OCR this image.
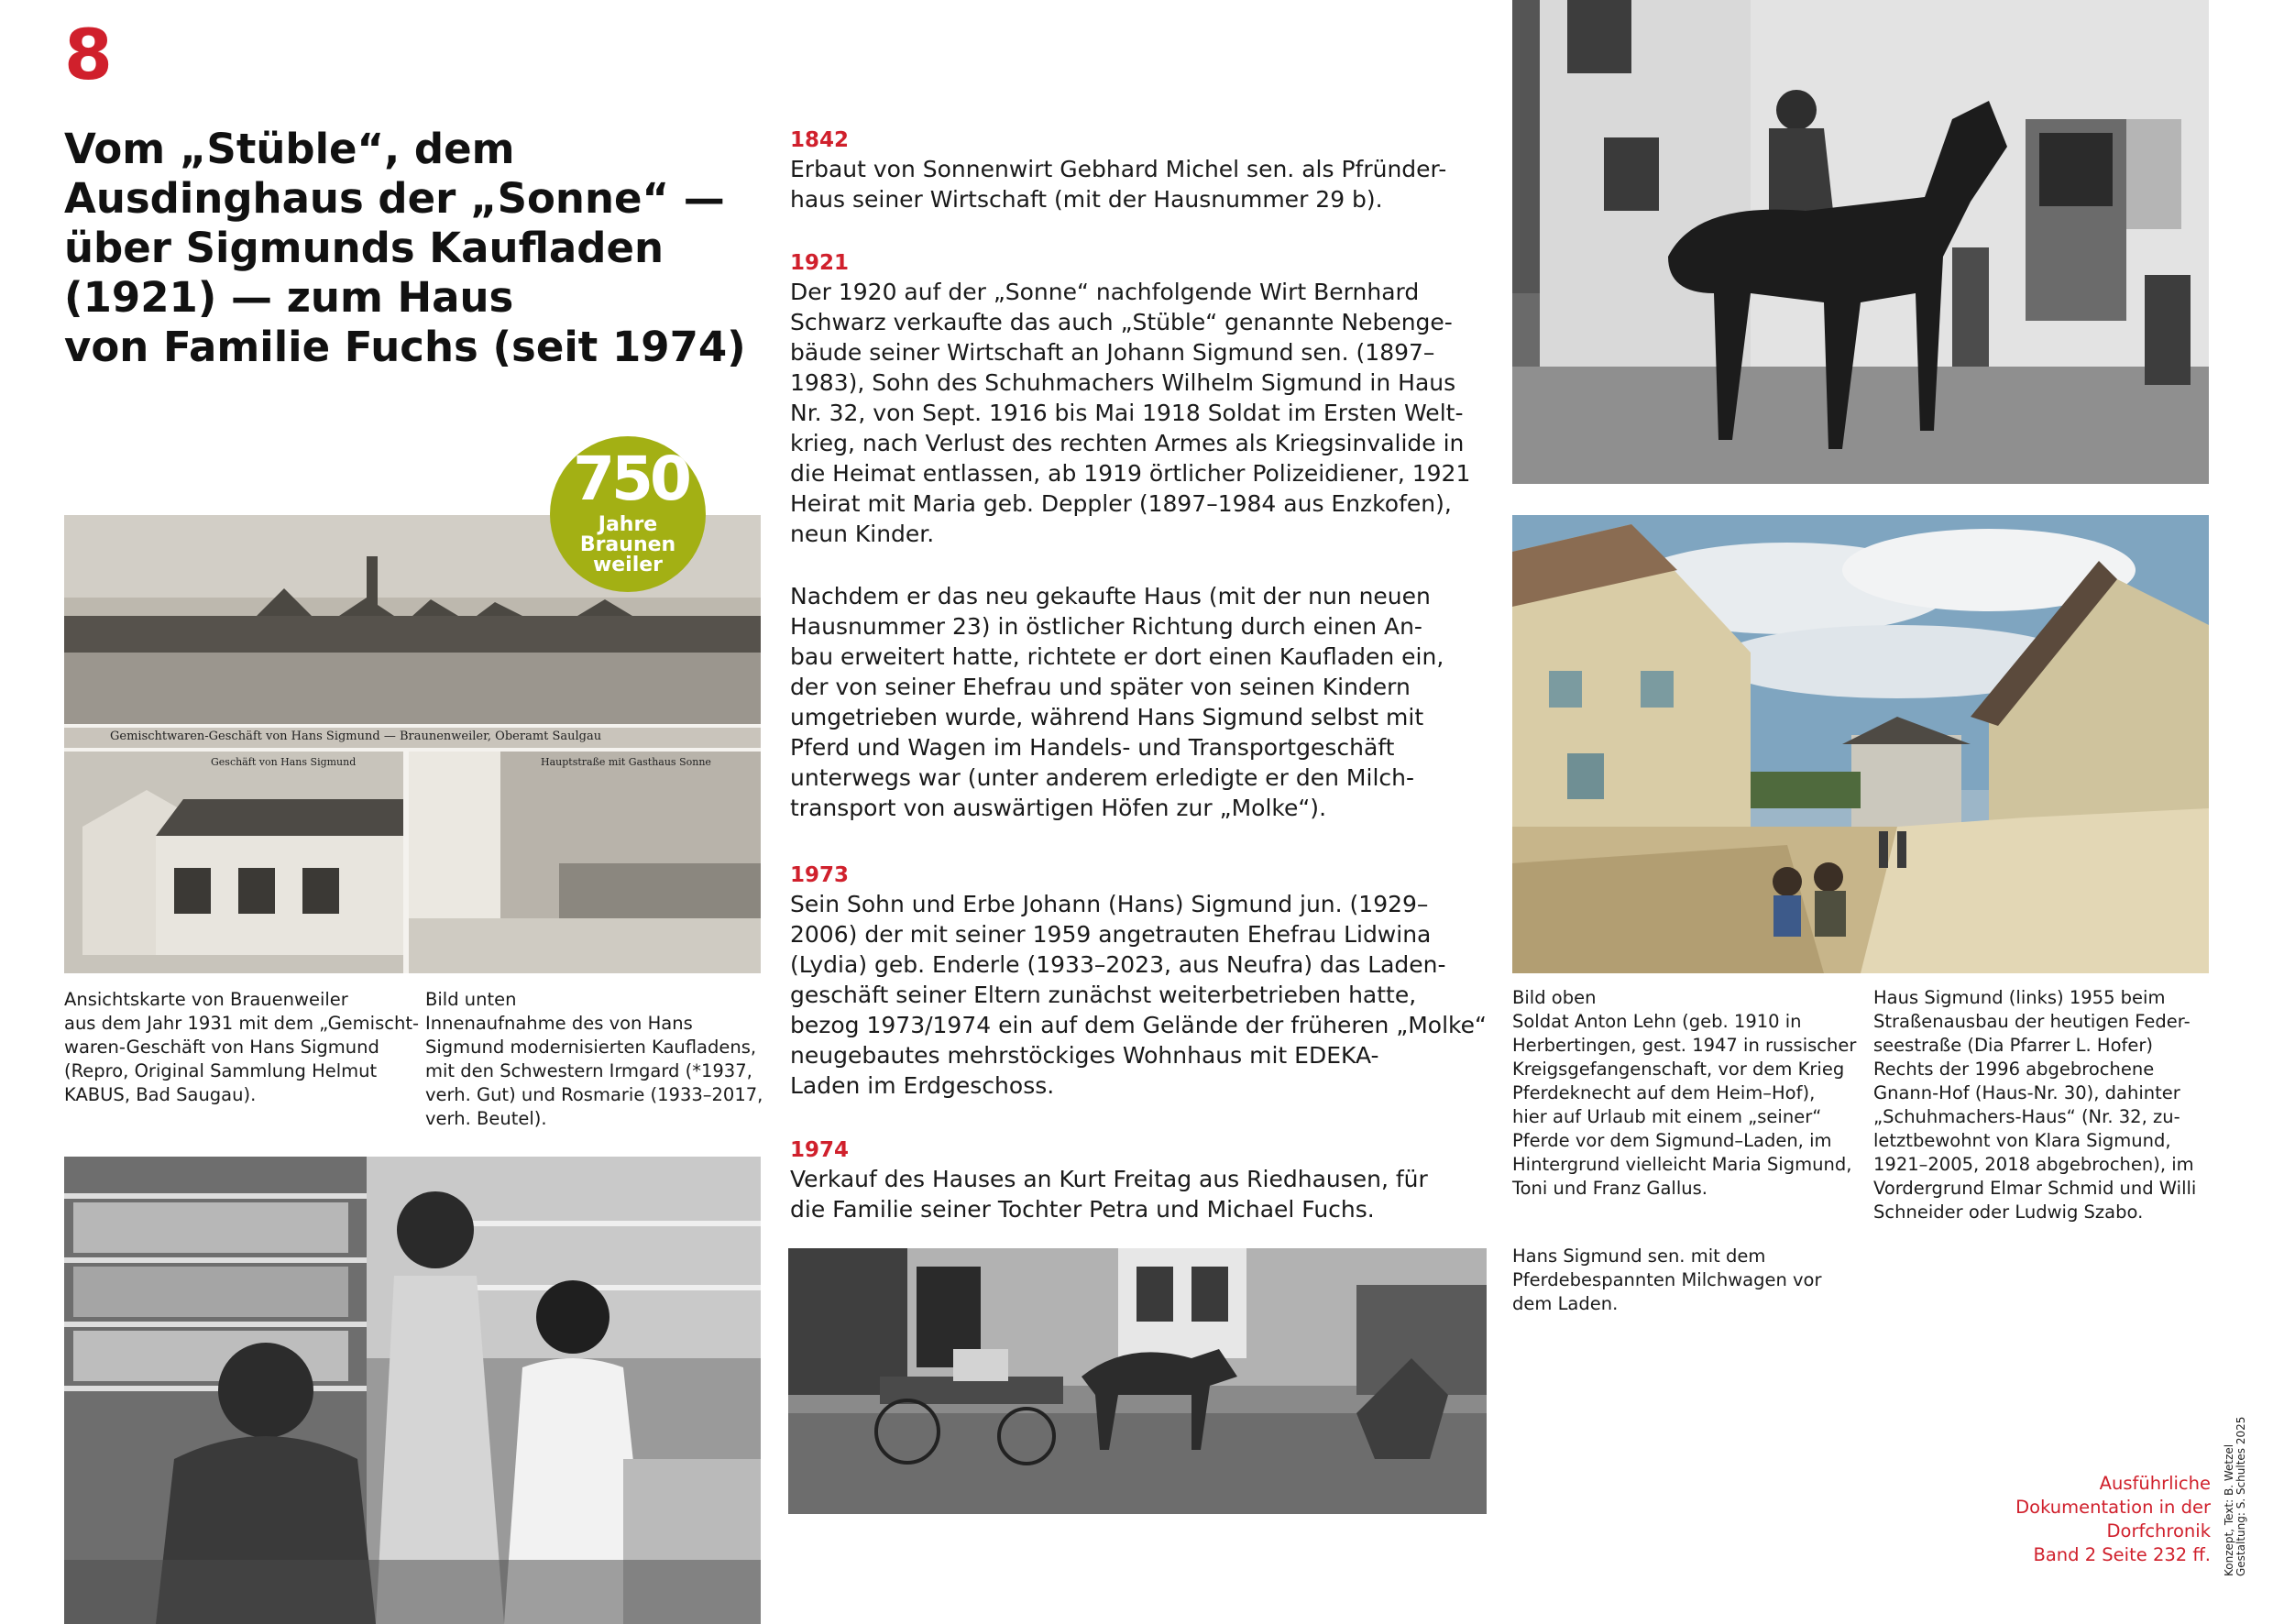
8
Vom „Stüble“, dem
Ausdinghaus der „Sonne“ —
über Sigmunds Kaufladen
(1921) — zum Haus
von Familie Fuchs (seit 1974)
Gemischtwaren-Geschäft von Hans Sigmund — Braunenweiler, Oberamt Saulgau
Geschäft von Hans Sigmund	Hauptstraße mit Gasthaus Sonne
750
Jahre
Braunen
weiler
Ansichtskarte von Brauenweiler
aus dem Jahr 1931 mit dem „Gemischt-
waren-Geschäft von Hans Sigmund
(Repro, Original Sammlung Helmut
KABUS, Bad Saugau).
Bild unten
Innenaufnahme des von Hans
Sigmund modernisierten Kaufladens,
mit den Schwestern Irmgard (*1937,
verh. Gut) und Rosmarie (1933–2017,
verh. Beutel).
1842
Erbaut von Sonnenwirt Gebhard Michel sen. als Pfründer-
haus seiner Wirtschaft (mit der Hausnummer 29 b).
1921
Der 1920 auf der „Sonne“ nachfolgende Wirt Bernhard
Schwarz verkaufte das auch „Stüble“ genannte Nebenge-
bäude seiner Wirtschaft an Johann Sigmund sen. (1897–
1983), Sohn des Schuhmachers Wilhelm Sigmund in Haus
Nr. 32, von Sept. 1916 bis Mai 1918 Soldat im Ersten Welt-
krieg, nach Verlust des rechten Armes als Kriegsinvalide in
die Heimat entlassen, ab 1919 örtlicher Polizeidiener, 1921
Heirat mit Maria geb. Deppler (1897–1984 aus Enzkofen),
neun Kinder.
Nachdem er das neu gekaufte Haus (mit der nun neuen
Hausnummer 23) in östlicher Richtung durch einen An-
bau erweitert hatte, richtete er dort einen Kaufladen ein,
der von seiner Ehefrau und später von seinen Kindern
umgetrieben wurde, während Hans Sigmund selbst mit
Pferd und Wagen im Handels- und Transportgeschäft
unterwegs war (unter anderem erledigte er den Milch-
transport von auswärtigen Höfen zur „Molke“).
1973
Sein Sohn und Erbe Johann (Hans) Sigmund jun. (1929–
2006) der mit seiner 1959 angetrauten Ehefrau Lidwina
(Lydia) geb. Enderle (1933–2023, aus Neufra) das Laden-
geschäft seiner Eltern zunächst weiterbetrieben hatte,
bezog 1973/1974 ein auf dem Gelände der früheren „Molke“
neugebautes mehrstöckiges Wohnhaus mit EDEKA-
Laden im Erdgeschoss.
1974
Verkauf des Hauses an Kurt Freitag aus Riedhausen, für
die Familie seiner Tochter Petra und Michael Fuchs.
Bild oben
Soldat Anton Lehn (geb. 1910 in
Herbertingen, gest. 1947 in russischer
Kreigsgefangenschaft, vor dem Krieg
Pferdeknecht auf dem Heim–Hof),
hier auf Urlaub mit einem „seiner“
Pferde vor dem Sigmund–Laden, im
Hintergrund vielleicht Maria Sigmund,
Toni und Franz Gallus.
Haus Sigmund (links) 1955 beim
Straßenausbau der heutigen Feder-
seestraße (Dia Pfarrer L. Hofer)
Rechts der 1996 abgebrochene
Gnann-Hof (Haus-Nr. 30), dahinter
„Schuhmachers-Haus“ (Nr. 32, zu-
letztbewohnt von Klara Sigmund,
1921–2005, 2018 abgebrochen), im
Vordergrund Elmar Schmid und Willi
Schneider oder Ludwig Szabo.
Hans Sigmund sen. mit dem
Pferdebespannten Milchwagen vor
dem Laden.
Konzept, Text: B. Wetzel Gestaltung: S. Schultes 2025
Ausführliche
Dokumentation in der
Dorfchronik
Band 2 Seite 232 ff.
